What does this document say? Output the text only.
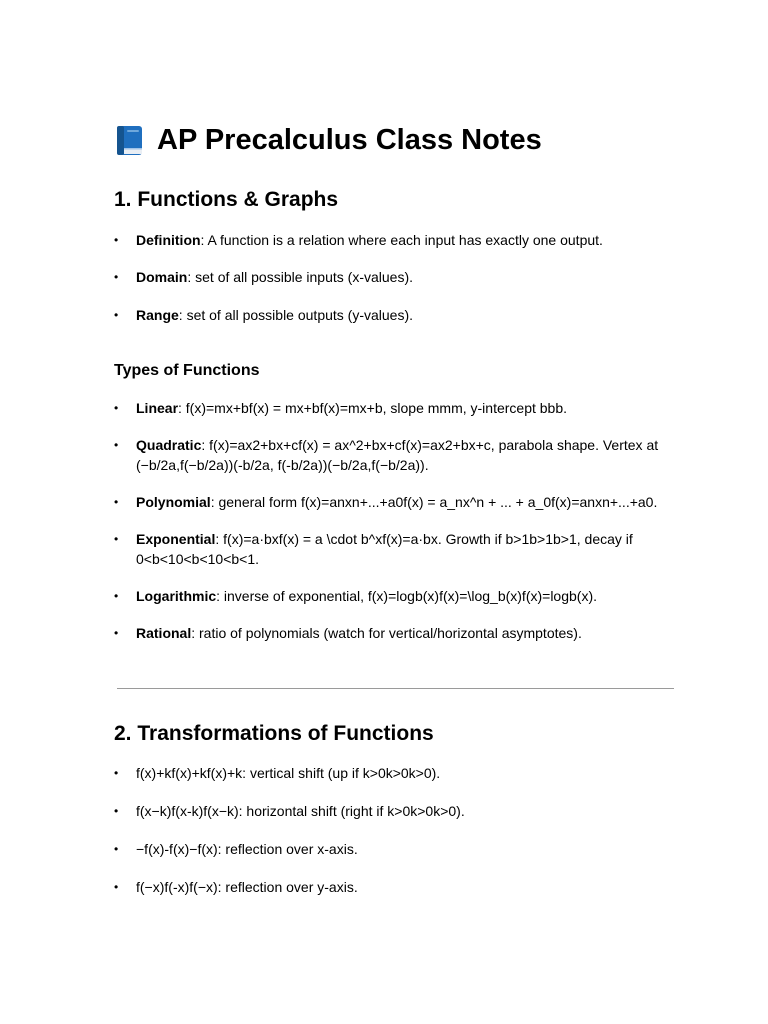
AP Precalculus Class Notes
1. Functions & Graphs
• Definition: A function is a relation where each input has exactly one output.
• Domain: set of all possible inputs (x-values).
• Range: set of all possible outputs (y-values).
Types of Functions
• Linear: f(x)=mx+bf(x) = mx+bf(x)=mx+b, slope mmm, y-intercept bbb.
• Quadratic: f(x)=ax2+bx+cf(x) = ax^2+bx+cf(x)=ax2+bx+c, parabola shape. Vertex at (−b/2a,f(−b/2a))(-b/2a, f(-b/2a))(−b/2a,f(−b/2a)).
• Polynomial: general form f(x)=anxn+...+a0f(x) = a_nx^n + ... + a_0f(x)=anxn+...+a0.
• Exponential: f(x)=a·bxf(x) = a \cdot b^xf(x)=a·bx. Growth if b>1b>1b>1, decay if 0<b<10<b<10<b<1.
• Logarithmic: inverse of exponential, f(x)=logb(x)f(x)=\log_b(x)f(x)=logb(x).
• Rational: ratio of polynomials (watch for vertical/horizontal asymptotes).
2. Transformations of Functions
• f(x)+kf(x)+kf(x)+k: vertical shift (up if k>0k>0k>0).
• f(x−k)f(x-k)f(x−k): horizontal shift (right if k>0k>0k>0).
• −f(x)-f(x)−f(x): reflection over x-axis.
• f(−x)f(-x)f(−x): reflection over y-axis.
